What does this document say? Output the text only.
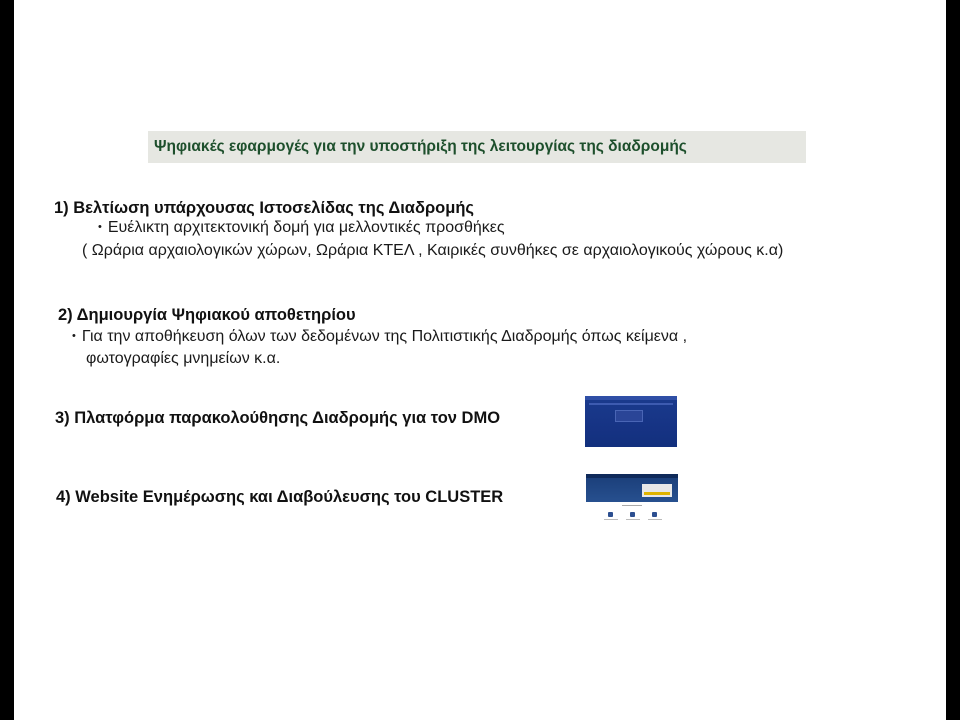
Ψηφιακές εφαρμογές για την υποστήριξη της λειτουργίας της διαδρομής
1) Βελτίωση υπάρχουσας Ιστοσελίδας της Διαδρομής
• Ευέλικτη αρχιτεκτονική δομή για μελλοντικές προσθήκες
( Ωράρια αρχαιολογικών χώρων, Ωράρια ΚΤΕΛ , Καιρικές συνθήκες σε αρχαιολογικούς χώρους κ.α)
2) Δημιουργία Ψηφιακού αποθετηρίου
• Για την αποθήκευση όλων των δεδομένων της Πολιτιστικής Διαδρομής όπως κείμενα ,
φωτογραφίες μνημείων κ.α.
3) Πλατφόρμα παρακολούθησης Διαδρομής για τον DMO
4) Website Ενημέρωσης και Διαβούλευσης του CLUSTER
